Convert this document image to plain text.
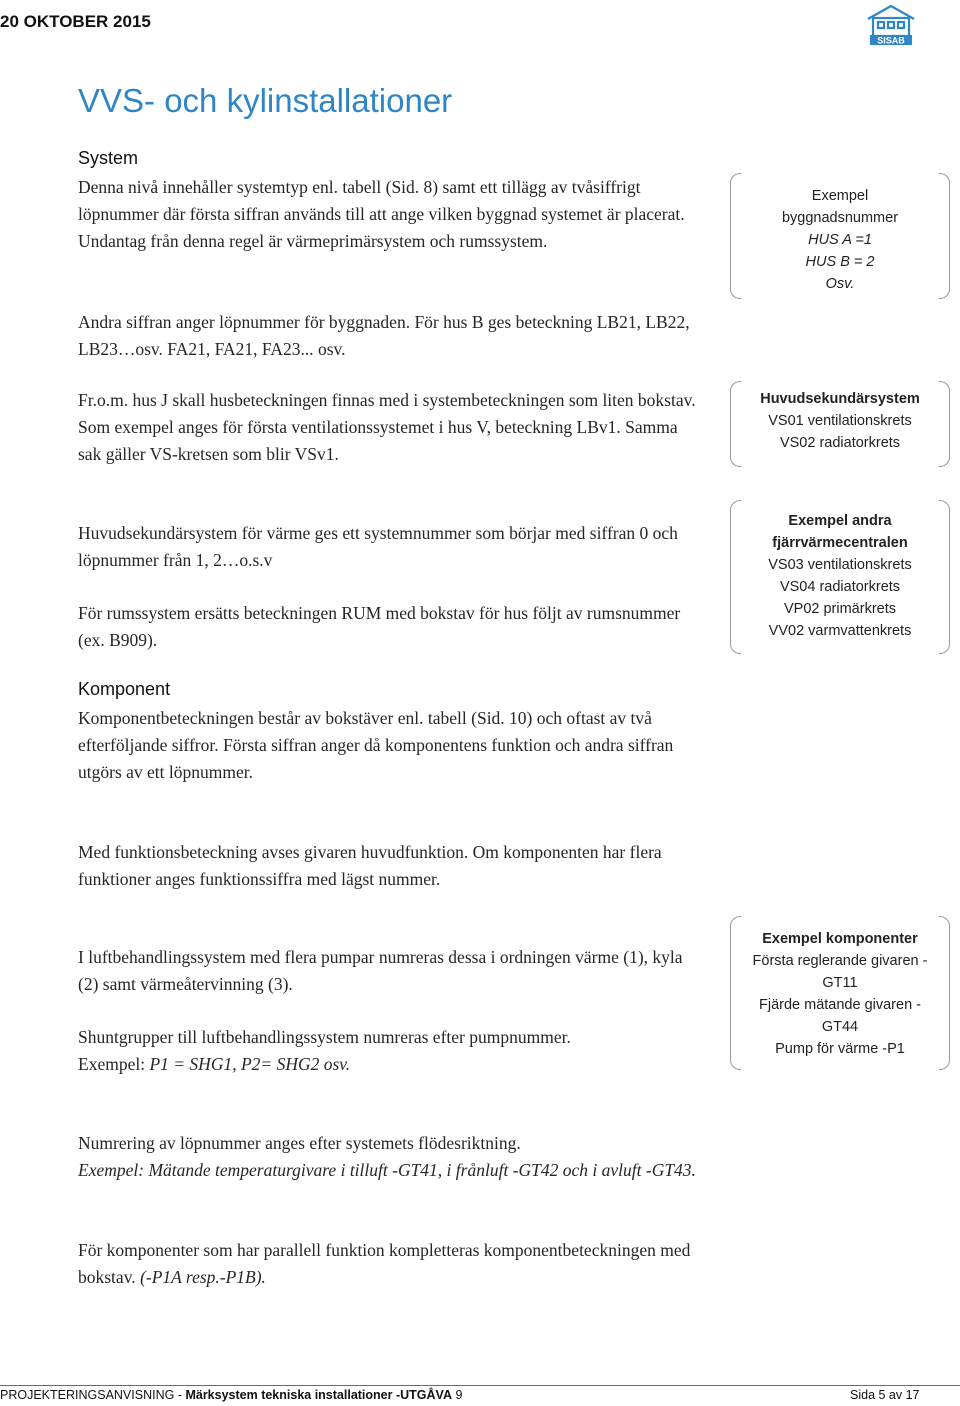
20 OKTOBER 2015
SISAB
VVS- och kylinstallationer
System

Denna nivå innehåller systemtyp enl. tabell (Sid. 8) samt ett tillägg av tvåsiffrigt löpnummer där första siffran används till att ange vilken byggnad systemet är placerat. Undantag från denna regel är värmeprimärsystem och rumssystem.

Andra siffran anger löpnummer för byggnaden. För hus B ges beteckning LB21, LB22, LB23…osv. FA21, FA21, FA23... osv.

Fr.o.m. hus J skall husbeteckningen finnas med i systembeteckningen som liten bokstav. Som exempel anges för första ventilationssystemet i hus V, beteckning LBv1. Samma sak gäller VS-kretsen som blir VSv1.

Huvudsekundärsystem för värme ges ett systemnummer som börjar med siffran 0 och löpnummer från 1, 2…o.s.v

För rumssystem ersätts beteckningen RUM med bokstav för hus följt av rumsnummer (ex. B909).

Komponent

Komponentbeteckningen består av bokstäver enl. tabell (Sid. 10) och oftast av två efterföljande siffror. Första siffran anger då komponentens funktion och andra siffran utgörs av ett löpnummer.

Med funktionsbeteckning avses givaren huvudfunktion. Om komponenten har flera funktioner anges funktionssiffra med lägst nummer.

I luftbehandlingssystem med flera pumpar numreras dessa i ordningen värme (1), kyla (2) samt värmeåtervinning (3).

Shuntgrupper till luftbehandlingssystem numreras efter pumpnummer.
Exempel: P1 = SHG1, P2= SHG2 osv.

Numrering av löpnummer anges efter systemets flödesriktning.
Exempel: Mätande temperaturgivare i tilluft -GT41, i frånluft -GT42 och i avluft -GT43.

För komponenter som har parallell funktion kompletteras komponentbeteckningen med bokstav. (-P1A resp.-P1B).

Exempel
byggnadsnummer
HUS A =1
HUS B = 2
Osv.
Huvudsekundärsystem
VS01 ventilationskrets
VS02 radiatorkrets
Exempel andra
fjärrvärmecentralen
VS03 ventilationskrets
VS04 radiatorkrets
VP02 primärkrets
VV02 varmvattenkrets
Exempel komponenter
Första reglerande givaren -
GT11
Fjärde mätande givaren -
GT44
Pump för värme -P1
PROJEKTERINGSANVISNING - Märksystem tekniska installationer -UTGÅVA 9	Sida 5 av 17
